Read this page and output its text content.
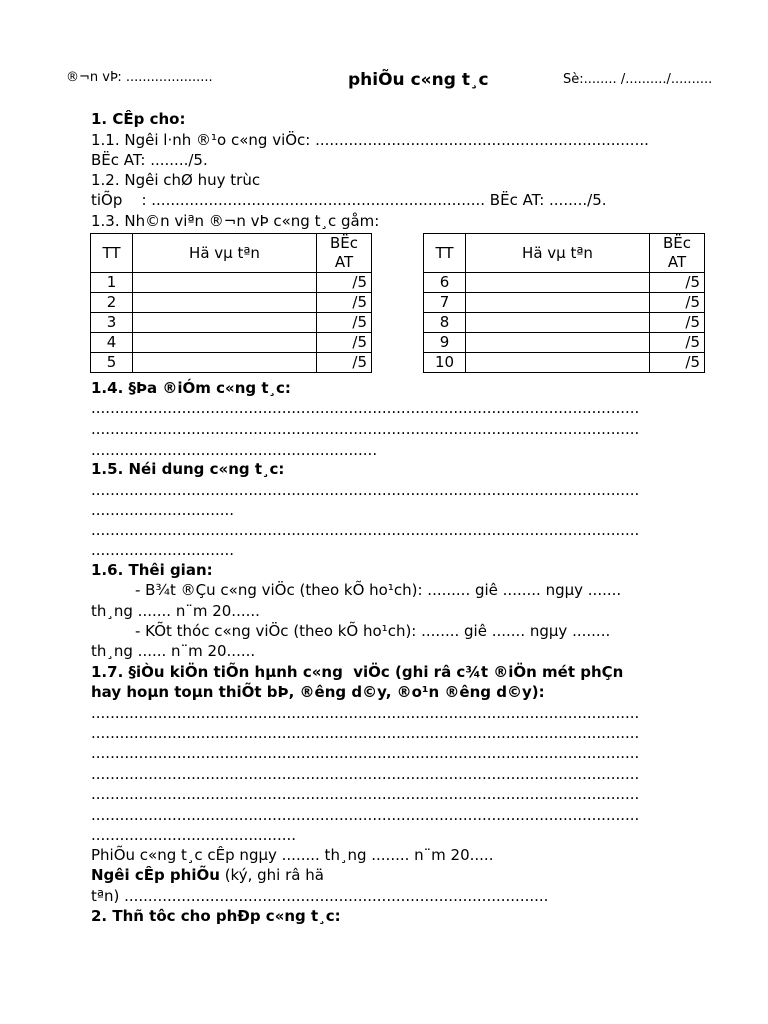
®¬n vÞ: .....................	phiÕu c«ng t¸c	Sè:........ /........../..........
1. CÊp cho:
1.1. Ngêi l·nh ®¹o c«ng viÖc: ......................................................................
BËc AT: ......../5.
1.2. Ngêi chØ huy trùc
tiÕp    : ...................................................................... BËc AT: ......../5.
1.3. Nh©n viªn ®¬n vÞ c«ng t¸c gåm:
TT	Hä vµ tªn	BËc
AT
1		/5
2		/5
3		/5
4		/5
5		/5
TT	Hä vµ tªn	BËc
AT
6		/5
7		/5
8		/5
9		/5
10		/5
1.4. §Þa ®iÓm c«ng t¸c:
...................................................................................................................
...................................................................................................................
............................................................
1.5. Néi dung c«ng t¸c:
...................................................................................................................
..............................
...................................................................................................................
..............................
1.6. Thêi gian:
- B¾t ®Çu c«ng viÖc (theo kÕ ho¹ch): ......... giê ........ ngµy .......
th¸ng ....... n¨m 20......
- KÕt thóc c«ng viÖc (theo kÕ ho¹ch): ........ giê ....... ngµy ........
th¸ng ...... n¨m 20......
1.7. §iÒu kiÖn tiÕn hµnh c«ng  viÖc (ghi râ c¾t ®iÖn mét phÇn
hay hoµn toµn thiÕt bÞ, ®êng d©y, ®o¹n ®êng d©y):
...................................................................................................................
...................................................................................................................
...................................................................................................................
...................................................................................................................
...................................................................................................................
...................................................................................................................
...........................................
PhiÕu c«ng t¸c cÊp ngµy ........ th¸ng ........ n¨m 20.....
Ngêi cÊp phiÕu (ký, ghi râ hä
tªn) .........................................................................................
2. Thñ tôc cho phÐp c«ng t¸c:
